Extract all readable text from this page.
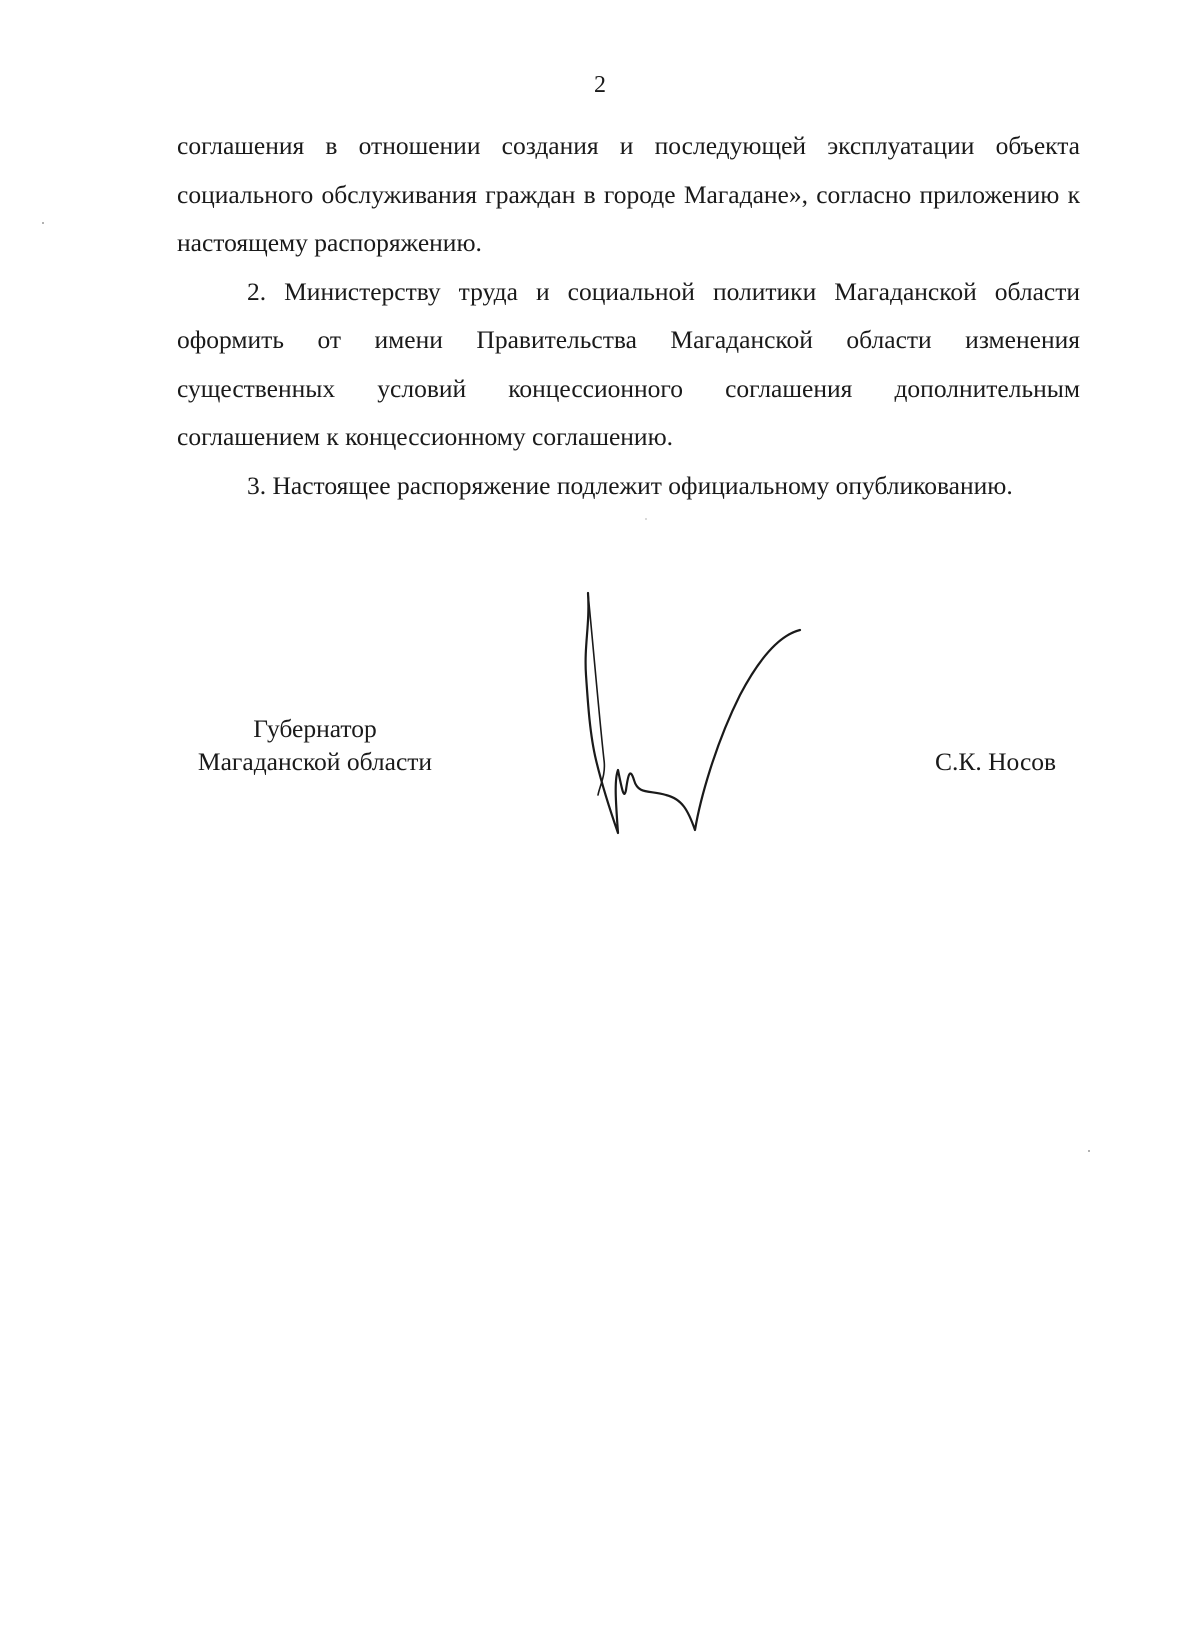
2

соглашения в отношении создания и последующей эксплуатации объекта социального обслуживания граждан в городе Магадане», согласно приложению к настоящему распоряжению.

2. Министерству труда и социальной политики Магаданской области оформить от имени Правительства Магаданской области изменения существенных условий концессионного соглашения дополнительным соглашением к концессионному соглашению.

3. Настоящее распоряжение подлежит официальному опубликованию.

Губернатор
Магаданской области	С.К. Носов
